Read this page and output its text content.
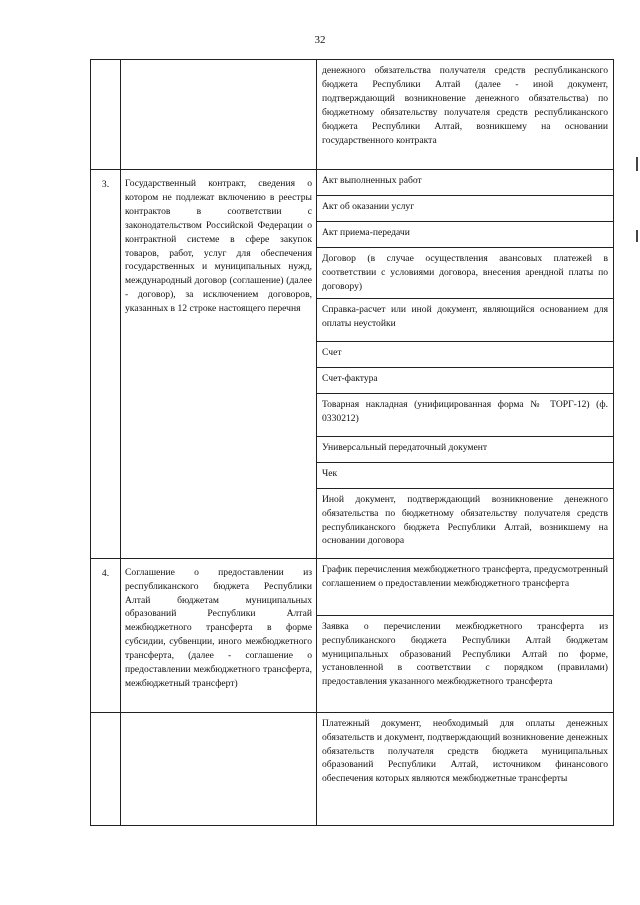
32
		денежного обязательства получателя средств республиканского бюджета Республики Алтай (далее - иной документ, подтверждающий возникновение денежного обязательства) по бюджетному обязательству получателя средств республиканского бюджета Республики Алтай, возникшему на основании государственного контракта
3.	Государственный контракт, сведения о котором не подлежат включению в реестры контрактов в соответствии с законодательством Российской Федерации о контрактной системе в сфере закупок товаров, работ, услуг для обеспечения государственных и муниципальных нужд, международный договор (соглашение) (далее - договор), за исключением договоров, указанных в 12 строке настоящего перечня	Акт выполненных работ
		Акт об оказании услуг
		Акт приема-передачи
		Договор (в случае осуществления авансовых платежей в соответствии с условиями договора, внесения арендной платы по договору)
		Справка-расчет или иной документ, являющийся основанием для оплаты неустойки
		Счет
		Счет-фактура
		Товарная накладная (унифицированная форма № ТОРГ-12) (ф. 0330212)
		Универсальный передаточный документ
		Чек
		Иной документ, подтверждающий возникновение денежного обязательства по бюджетному обязательству получателя средств республиканского бюджета Республики Алтай, возникшему на основании договора
4.	Соглашение о предоставлении из республиканского бюджета Республики Алтай бюджетам муниципальных образований Республики Алтай межбюджетного трансферта в форме субсидии, субвенции, иного межбюджетного трансферта, (далее - соглашение о предоставлении межбюджетного трансферта, межбюджетный трансферт)	График перечисления межбюджетного трансферта, предусмотренный соглашением о предоставлении межбюджетного трансферта
		Заявка о перечислении межбюджетного трансферта из республиканского бюджета Республики Алтай бюджетам муниципальных образований Республики Алтай по форме, установленной в соответствии с порядком (правилами) предоставления указанного межбюджетного трансферта
		Платежный документ, необходимый для оплаты денежных обязательств и документ, подтверждающий возникновение денежных обязательств получателя средств бюджета муниципальных образований Республики Алтай, источником финансового обеспечения которых являются межбюджетные трансферты
